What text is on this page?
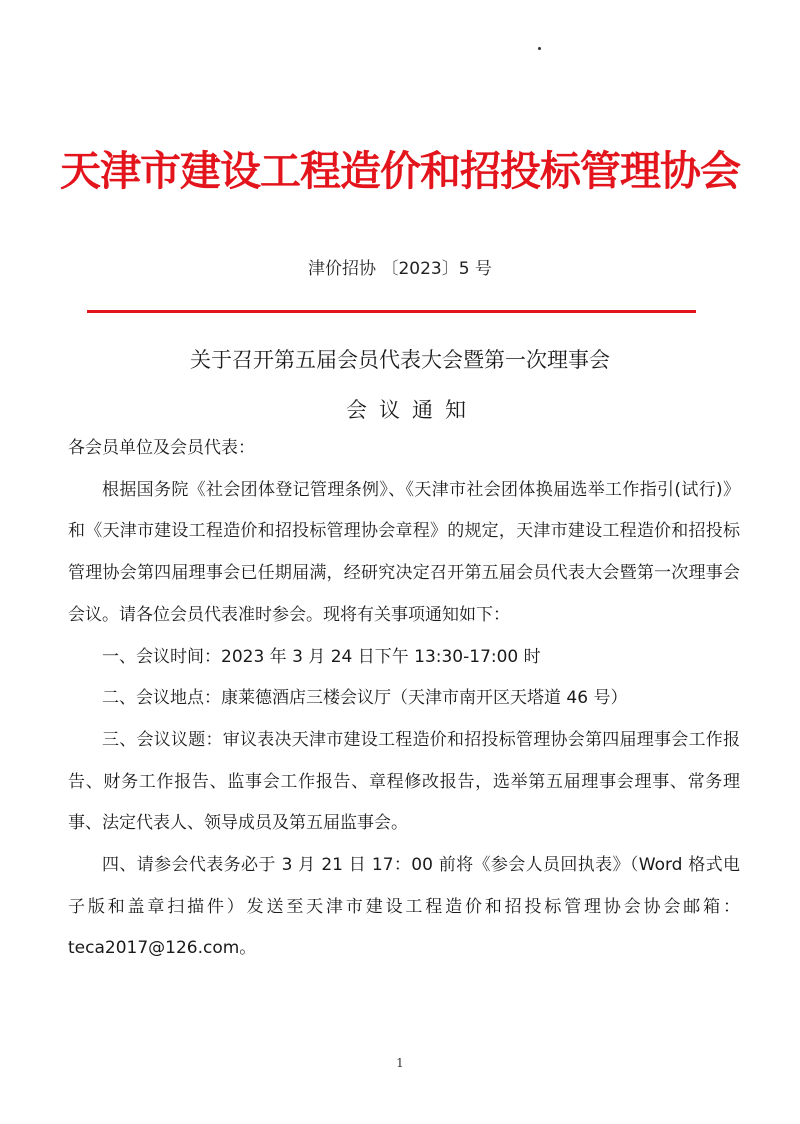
天津市建设工程造价和招投标管理协会
津价招协 〔2023〕5 号
关于召开第五届会员代表大会暨第一次理事会
会议通知

各会员单位及会员代表：

根据国务院《社会团体登记管理条例》、《天津市社会团体换届选举工作指引(试行)》和《天津市建设工程造价和招投标管理协会章程》的规定，天津市建设工程造价和招投标管理协会第四届理事会已任期届满，经研究决定召开第五届会员代表大会暨第一次理事会会议。请各位会员代表准时参会。现将有关事项通知如下：

一、会议时间：2023 年 3 月 24 日下午 13:30-17:00 时

二、会议地点：康莱德酒店三楼会议厅（天津市南开区天塔道 46 号）

三、会议议题：审议表决天津市建设工程造价和招投标管理协会第四届理事会工作报告、财务工作报告、监事会工作报告、章程修改报告，选举第五届理事会理事、常务理事、法定代表人、领导成员及第五届监事会。

四、请参会代表务必于 3 月 21 日 17：00 前将《参会人员回执表》（Word 格式电子版和盖章扫描件）发送至天津市建设工程造价和招投标管理协会协会邮箱：teca2017@126.com。

1
